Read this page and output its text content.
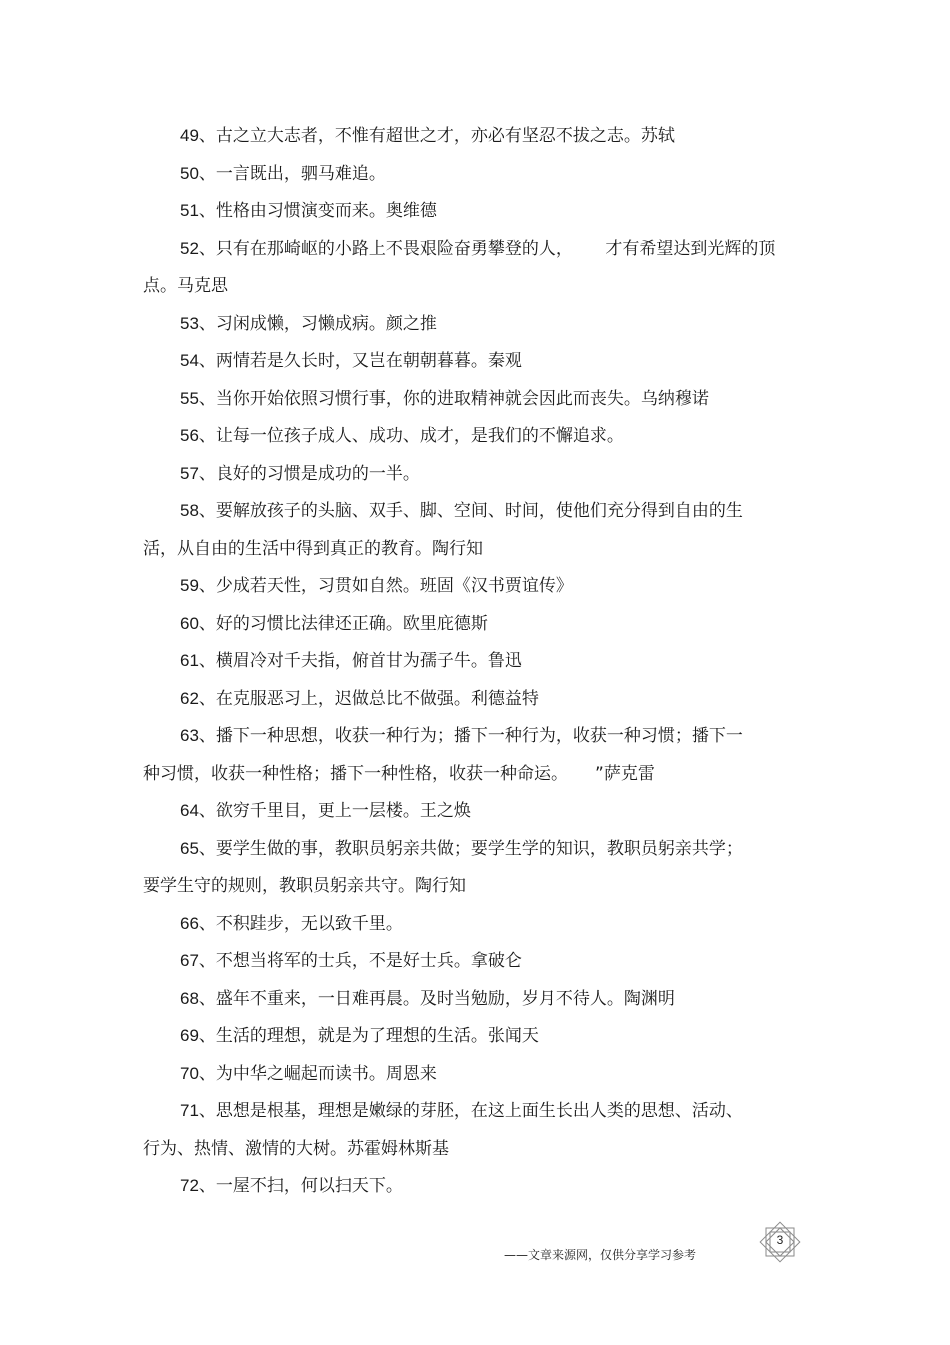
49、古之立大志者，不惟有超世之才，亦必有坚忍不拔之志。苏轼
50、一言既出，驷马难追。
51、性格由习惯演变而来。奥维德
52、只有在那崎岖的小路上不畏艰险奋勇攀登的人，      才有希望达到光辉的顶
点。马克思
53、习闲成懒，习懒成病。颜之推
54、两情若是久长时，又岂在朝朝暮暮。秦观
55、当你开始依照习惯行事，你的进取精神就会因此而丧失。乌纳穆诺
56、让每一位孩子成人、成功、成才，是我们的不懈追求。
57、良好的习惯是成功的一半。
58、要解放孩子的头脑、双手、脚、空间、时间，使他们充分得到自由的生
活，从自由的生活中得到真正的教育。陶行知
59、少成若天性，习贯如自然。班固《汉书贾谊传》
60、好的习惯比法律还正确。欧里庇德斯
61、横眉冷对千夫指，俯首甘为孺子牛。鲁迅
62、在克服恶习上，迟做总比不做强。利德益特
63、播下一种思想，收获一种行为；播下一种行为，收获一种习惯；播下一
种习惯，收获一种性格；播下一种性格，收获一种命运。     ”萨克雷
64、欲穷千里目，更上一层楼。王之焕
65、要学生做的事，教职员躬亲共做；要学生学的知识，教职员躬亲共学；
要学生守的规则，教职员躬亲共守。陶行知
66、不积跬步，无以致千里。
67、不想当将军的士兵，不是好士兵。拿破仑
68、盛年不重来，一日难再晨。及时当勉励，岁月不待人。陶渊明
69、生活的理想，就是为了理想的生活。张闻天
70、为中华之崛起而读书。周恩来
71、思想是根基，理想是嫩绿的芽胚，在这上面生长出人类的思想、活动、
行为、热情、激情的大树。苏霍姆林斯基
72、一屋不扫，何以扫天下。
——文章来源网，仅供分享学习参考
3
